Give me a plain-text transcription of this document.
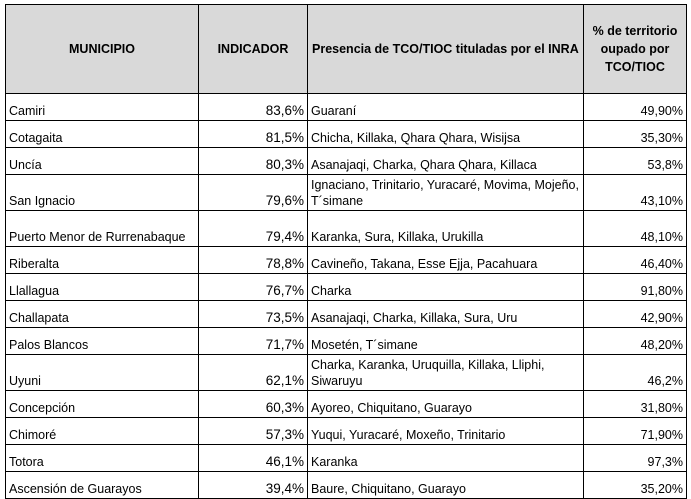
MUNICIPIO	INDICADOR	Presencia de TCO/TIOC tituladas por el INRA	% de territorio oupado por TCO/TIOC
Camiri	83,6%	Guaraní	49,90%
Cotagaita	81,5%	Chicha, Killaka, Qhara Qhara, Wisijsa	35,30%
Uncía	80,3%	Asanajaqi, Charka, Qhara Qhara, Killaca	53,8%
San Ignacio	79,6%	Ignaciano, Trinitario, Yuracaré, Movima, Mojeño, T´simane	43,10%
Puerto Menor de Rurrenabaque	79,4%	Karanka, Sura, Killaka, Urukilla	48,10%
Riberalta	78,8%	Cavineño, Takana, Esse Ejja, Pacahuara	46,40%
Llallagua	76,7%	Charka	91,80%
Challapata	73,5%	Asanajaqi, Charka, Killaka, Sura, Uru	42,90%
Palos Blancos	71,7%	Mosetén, T´simane	48,20%
Uyuni	62,1%	Charka, Karanka, Uruquilla, Killaka, Lliphi, Siwaruyu	46,2%
Concepción	60,3%	Ayoreo, Chiquitano, Guarayo	31,80%
Chimoré	57,3%	Yuqui, Yuracaré, Moxeño, Trinitario	71,90%
Totora	46,1%	Karanka	97,3%
Ascensión de Guarayos	39,4%	Baure, Chiquitano, Guarayo	35,20%
